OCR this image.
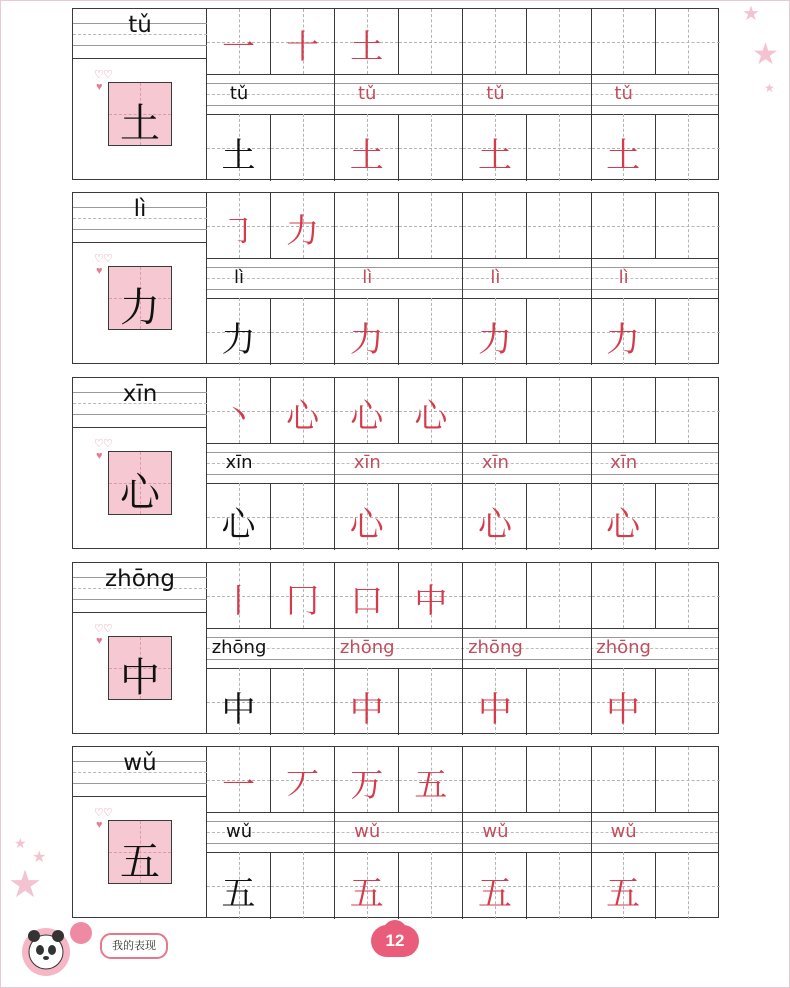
★
★
★
★
★
★
tǔ
♡♡
♥
土
一 十 土
tǔ	tǔ	tǔ	tǔ
土	土	土	土
lì
♡♡
♥
力
㇆ 力
lì	lì	lì	lì
力	力	力	力
xīn
♡♡
♥
心
丶 心 心 心
xīn	xīn	xīn	xīn
心	心	心	心
zhōng
♡♡
♥
中
丨 冂 口 中
zhōng	zhōng	zhōng	zhōng
中	中	中	中
wǔ
♡♡
♥
五
一 丆 万 五
wǔ	wǔ	wǔ	wǔ
五	五	五	五
我的表现	12
